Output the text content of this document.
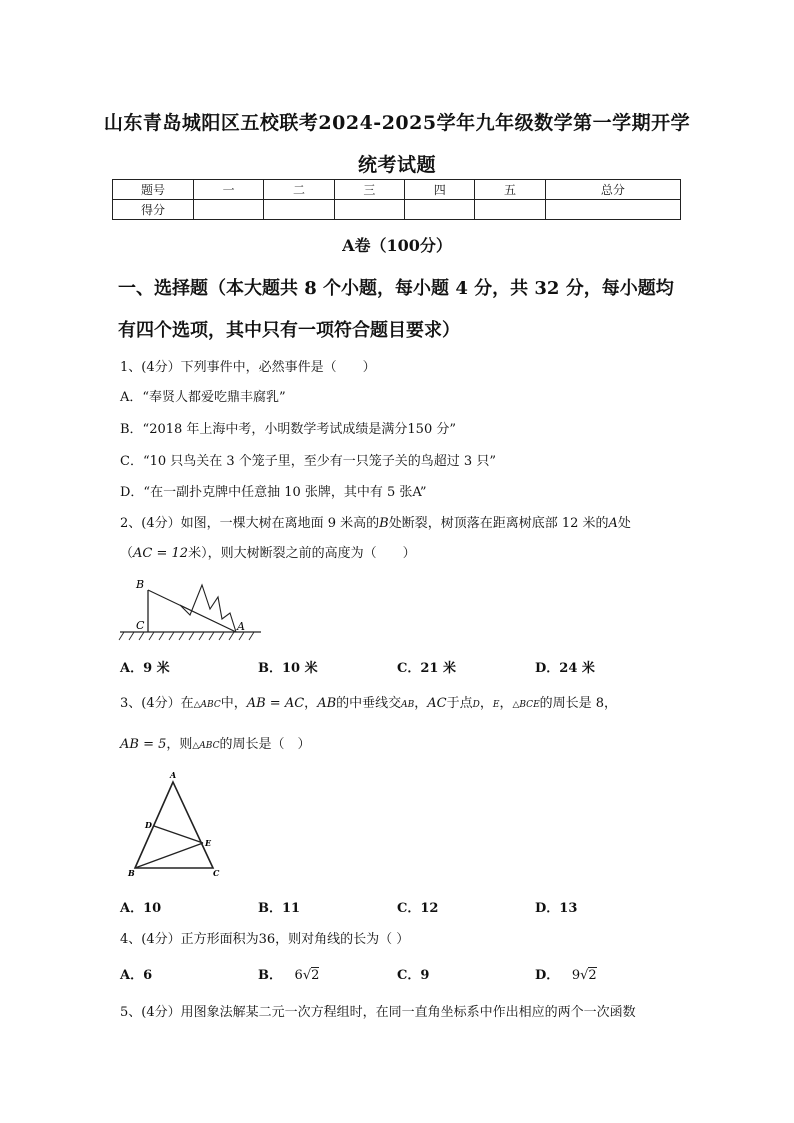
山东青岛城阳区五校联考2024-2025学年九年级数学第一学期开学
统考试题
题号	一	二	三	四	五	总分
得分						
A卷（100分）
一、选择题（本大题共 8 个小题，每小题 4 分，共 32 分，每小题均
有四个选项，其中只有一项符合题目要求）
1、(4分）下列事件中，必然事件是（　　）
A．“奉贤人都爱吃鼎丰腐乳”
B．“2018 年上海中考，小明数学考试成绩是满分150 分”
C．“10 只鸟关在 3 个笼子里，至少有一只笼子关的鸟超过 3 只”
D．“在一副扑克牌中任意抽 10 张牌，其中有 5 张A”
2、(4分）如图，一棵大树在离地面 9 米高的B处断裂，树顶落在距离树底部 12 米的A处
（AC = 12米），则大树断裂之前的高度为（　　）
B
C	A
A．9 米	B．10 米	C．21 米	D．24 米
3、(4分）在△ABC中，AB = AC，AB的中垂线交AB，AC于点D，E，△BCE的周长是 8，
AB = 5，则△ABC的周长是（　）
A
D
E
B	C
A．10	B．11	C．12	D．13
4、(4分）正方形面积为36，则对角线的长为（ ）
A．6	B． 6√2	C．9	D． 9√2
5、(4分）用图象法解某二元一次方程组时，在同一直角坐标系中作出相应的两个一次函数
